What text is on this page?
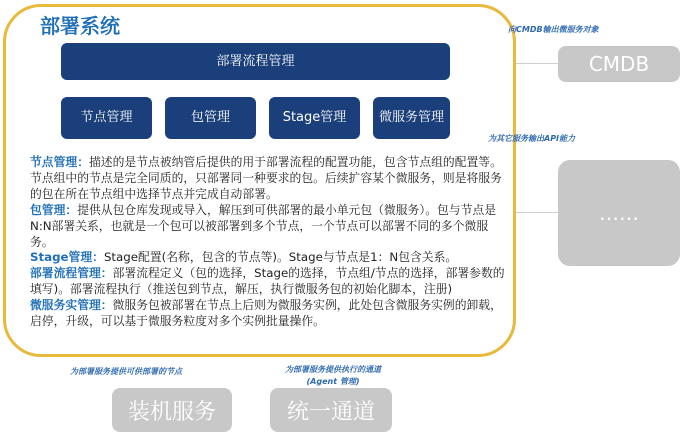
部署系统
部署流程管理
节点管理	包管理	Stage管理	微服务管理

节点管理：描述的是节点被纳管后提供的用于部署流程的配置功能，包含节点组的配置等。节点组中的节点是完全同质的，只部署同一种要求的包。后续扩容某个微服务，则是将服务的包在所在节点组中选择节点并完成自动部署。

包管理：提供从包仓库发现或导入，解压到可供部署的最小单元包（微服务）。包与节点是N:N部署关系，也就是一个包可以被部署到多个节点，一个节点可以部署不同的多个微服务。

Stage管理：Stage配置(名称，包含的节点等)。Stage与节点是1：N包含关系。

部署流程管理：部署流程定义（包的选择，Stage的选择，节点组/节点的选择，部署参数的填写)。部署流程执行（推送包到节点，解压，执行微服务包的初始化脚本，注册)

微服务实管理：微服务包被部署在节点上后则为微服务实例，此处包含微服务实例的卸载，启停，升级，可以基于微服务粒度对多个实例批量操作。

向CMDB输出微服务对象
为其它服务输出API能力
为部署服务提供可供部署的节点	为部署服务提供执行的通道
(Agent 管理)
CMDB
……
装机服务	统一通道
